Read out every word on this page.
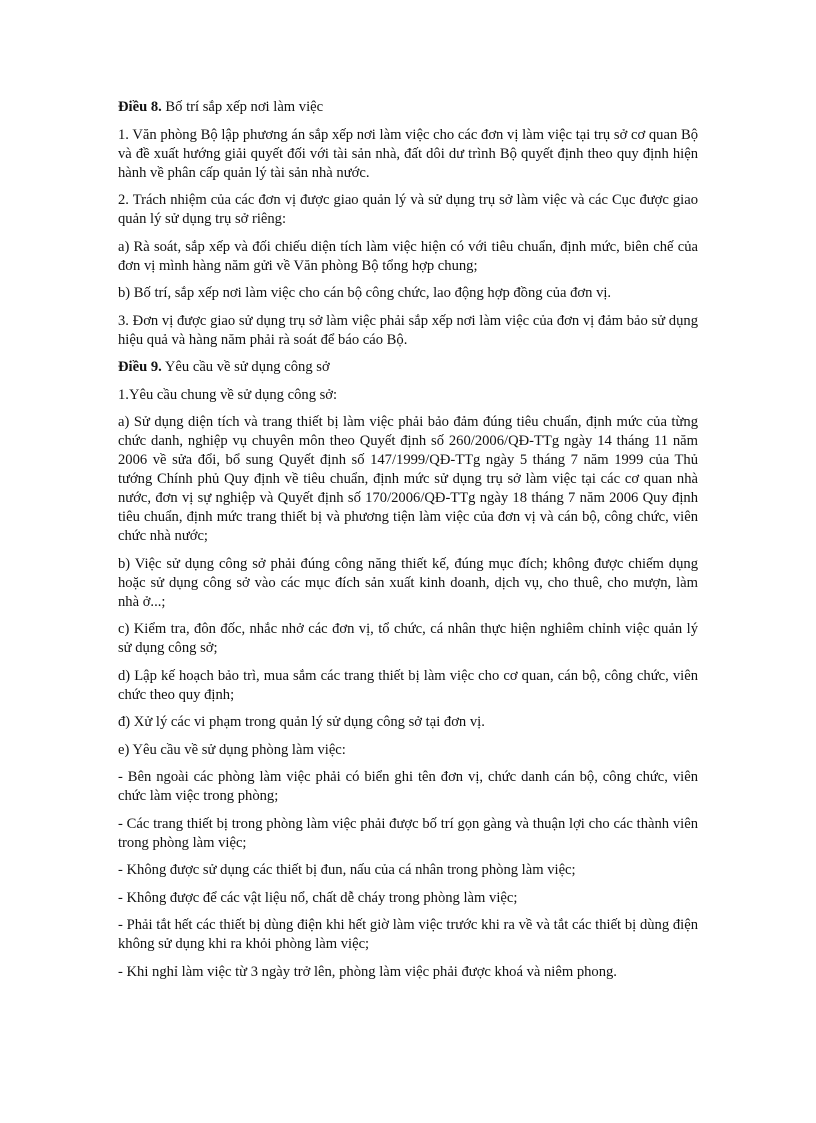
Điều 8. Bố trí sắp xếp nơi làm việc

1. Văn phòng Bộ lập phương án sắp xếp nơi làm việc cho các đơn vị làm việc tại trụ sở cơ quan Bộ và đề xuất hướng giải quyết đối với tài sản nhà, đất dôi dư trình Bộ quyết định theo quy định hiện hành về phân cấp quản lý tài sản nhà nước.

2. Trách nhiệm của các đơn vị được giao quản lý và sử dụng trụ sở làm việc và các Cục được giao quản lý sử dụng trụ sở riêng:

a) Rà soát, sắp xếp và đối chiếu diện tích làm việc hiện có với tiêu chuẩn, định mức, biên chế của đơn vị mình hàng năm gửi về Văn phòng Bộ tổng hợp chung;

b) Bố trí, sắp xếp nơi làm việc cho cán bộ công chức, lao động hợp đồng của đơn vị.

3. Đơn vị được giao sử dụng trụ sở làm việc phải sắp xếp nơi làm việc của đơn vị đảm bảo sử dụng hiệu quả và hàng năm phải rà soát để báo cáo Bộ.

Điều 9. Yêu cầu về sử dụng công sở

1.Yêu cầu chung về sử dụng công sở:

a) Sử dụng diện tích và trang thiết bị làm việc phải bảo đảm đúng tiêu chuẩn, định mức của từng chức danh, nghiệp vụ chuyên môn theo Quyết định số 260/2006/QĐ-TTg ngày 14 tháng 11 năm 2006 về sửa đổi, bổ sung Quyết định số 147/1999/QĐ-TTg ngày 5 tháng 7 năm 1999 của Thủ tướng Chính phủ Quy định về tiêu chuẩn, định mức sử dụng trụ sở làm việc tại các cơ quan nhà nước, đơn vị sự nghiệp và Quyết định số 170/2006/QĐ-TTg ngày 18 tháng 7 năm 2006 Quy định tiêu chuẩn, định mức trang thiết bị và phương tiện làm việc của đơn vị và cán bộ, công chức, viên chức nhà nước;

b) Việc sử dụng công sở phải đúng công năng thiết kế, đúng mục đích; không được chiếm dụng hoặc sử dụng công sở vào các mục đích sản xuất kinh doanh, dịch vụ, cho thuê, cho mượn, làm nhà ở...;

c) Kiểm tra, đôn đốc, nhắc nhở các đơn vị, tổ chức, cá nhân thực hiện nghiêm chỉnh việc quản lý sử dụng công sở;

d) Lập kế hoạch bảo trì, mua sắm các trang thiết bị làm việc cho cơ quan, cán bộ, công chức, viên chức theo quy định;

đ) Xử lý các vi phạm trong quản lý sử dụng công sở tại đơn vị.

e) Yêu cầu về sử dụng phòng làm việc:

- Bên ngoài các phòng làm việc phải có biển ghi tên đơn vị, chức danh cán bộ, công chức, viên chức làm việc trong phòng;

- Các trang thiết bị trong phòng làm việc phải được bố trí gọn gàng và thuận lợi cho các thành viên trong phòng làm việc;

- Không được sử dụng các thiết bị đun, nấu của cá nhân trong phòng làm việc;

- Không được để các vật liệu nổ, chất dễ cháy trong phòng làm việc;

- Phải tắt hết các thiết bị dùng điện khi hết giờ làm việc trước khi ra về và tắt các thiết bị dùng điện không sử dụng khi ra khỏi phòng làm việc;

- Khi nghỉ làm việc từ 3 ngày trở lên, phòng làm việc phải được khoá và niêm phong.
